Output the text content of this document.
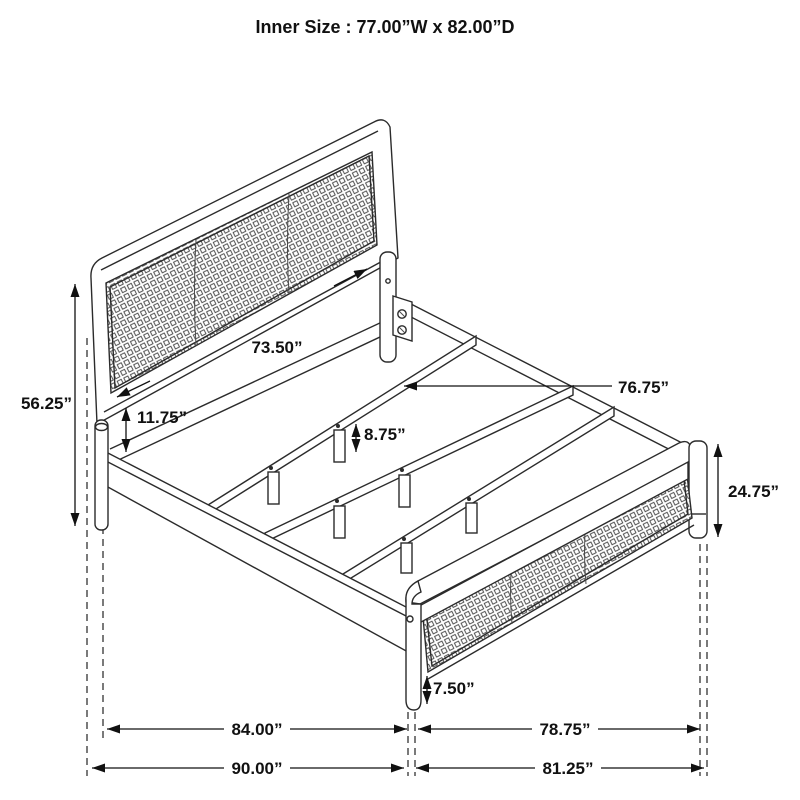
Inner Size : 77.00”W x 82.00”D
56.25”
73.50”
11.75”
8.75”
76.75”
24.75”
7.50”
84.00”	78.75”
90.00”	81.25”
